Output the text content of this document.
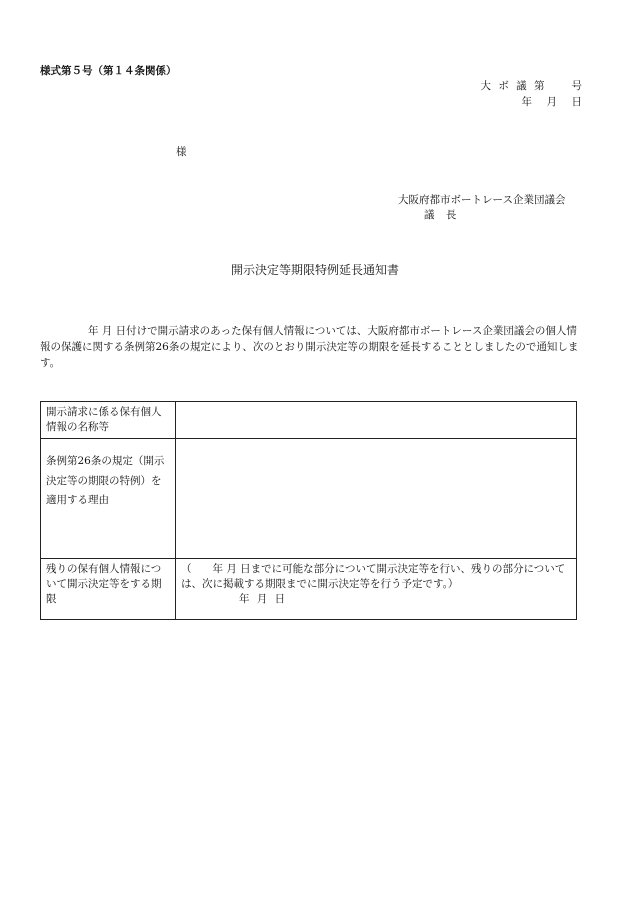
様式第５号（第１４条関係）
大 ボ 議 第　　号
年　月　日
様
大阪府都市ボートレース企業団議会
議 長
開示決定等期限特例延長通知書
年 月 日付けで開示請求のあった保有個人情報については、大阪府都市ボートレース企業団議会の個人情報の保護に関する条例第26条の規定により、次のとおり開示決定等の期限を延長することとしましたので通知します。
開示請求に係る保有個人情報の名称等	
条例第26条の規定（開示決定等の期限の特例）を適用する理由	
残りの保有個人情報について開示決定等をする期限	（　　年 月 日までに可能な部分について開示決定等を行い、残りの部分については、次に掲載する期限までに開示決定等を行う予定です。）
年 月 日
